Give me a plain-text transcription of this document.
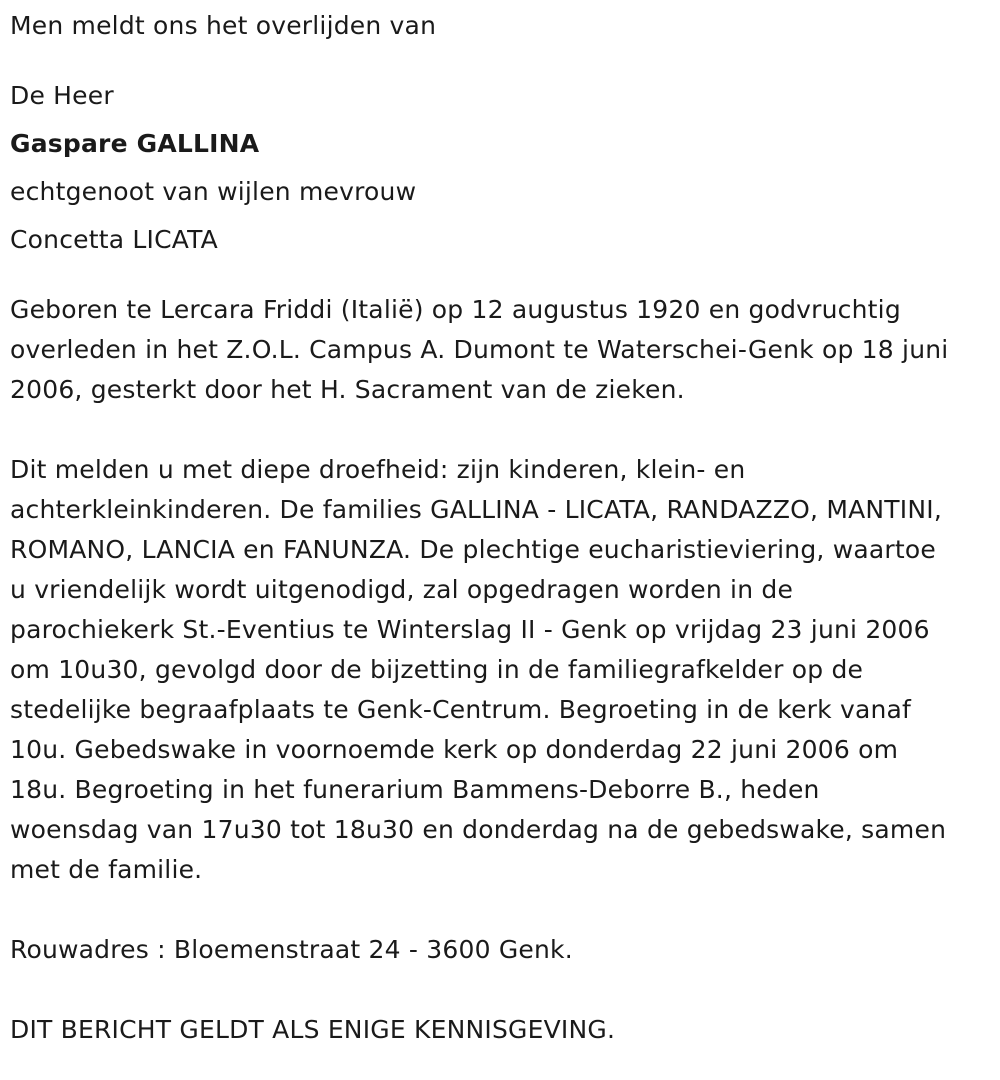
Men meldt ons het overlijden van

De Heer

Gaspare GALLINA

echtgenoot van wijlen mevrouw

Concetta LICATA

Geboren te Lercara Friddi (Italië) op 12 augustus 1920 en godvruchtig

overleden in het Z.O.L. Campus A. Dumont te Waterschei-Genk op 18 juni

2006, gesterkt door het H. Sacrament van de zieken.

Dit melden u met diepe droefheid: zijn kinderen, klein- en

achterkleinkinderen. De families GALLINA - LICATA, RANDAZZO, MANTINI,

ROMANO, LANCIA en FANUNZA. De plechtige eucharistieviering, waartoe

u vriendelijk wordt uitgenodigd, zal opgedragen worden in de

parochiekerk St.-Eventius te Winterslag II - Genk op vrijdag 23 juni 2006

om 10u30, gevolgd door de bijzetting in de familiegrafkelder op de

stedelijke begraafplaats te Genk-Centrum. Begroeting in de kerk vanaf

10u. Gebedswake in voornoemde kerk op donderdag 22 juni 2006 om

18u. Begroeting in het funerarium Bammens-Deborre B., heden

woensdag van 17u30 tot 18u30 en donderdag na de gebedswake, samen

met de familie.

Rouwadres : Bloemenstraat 24 - 3600 Genk.

DIT BERICHT GELDT ALS ENIGE KENNISGEVING.
